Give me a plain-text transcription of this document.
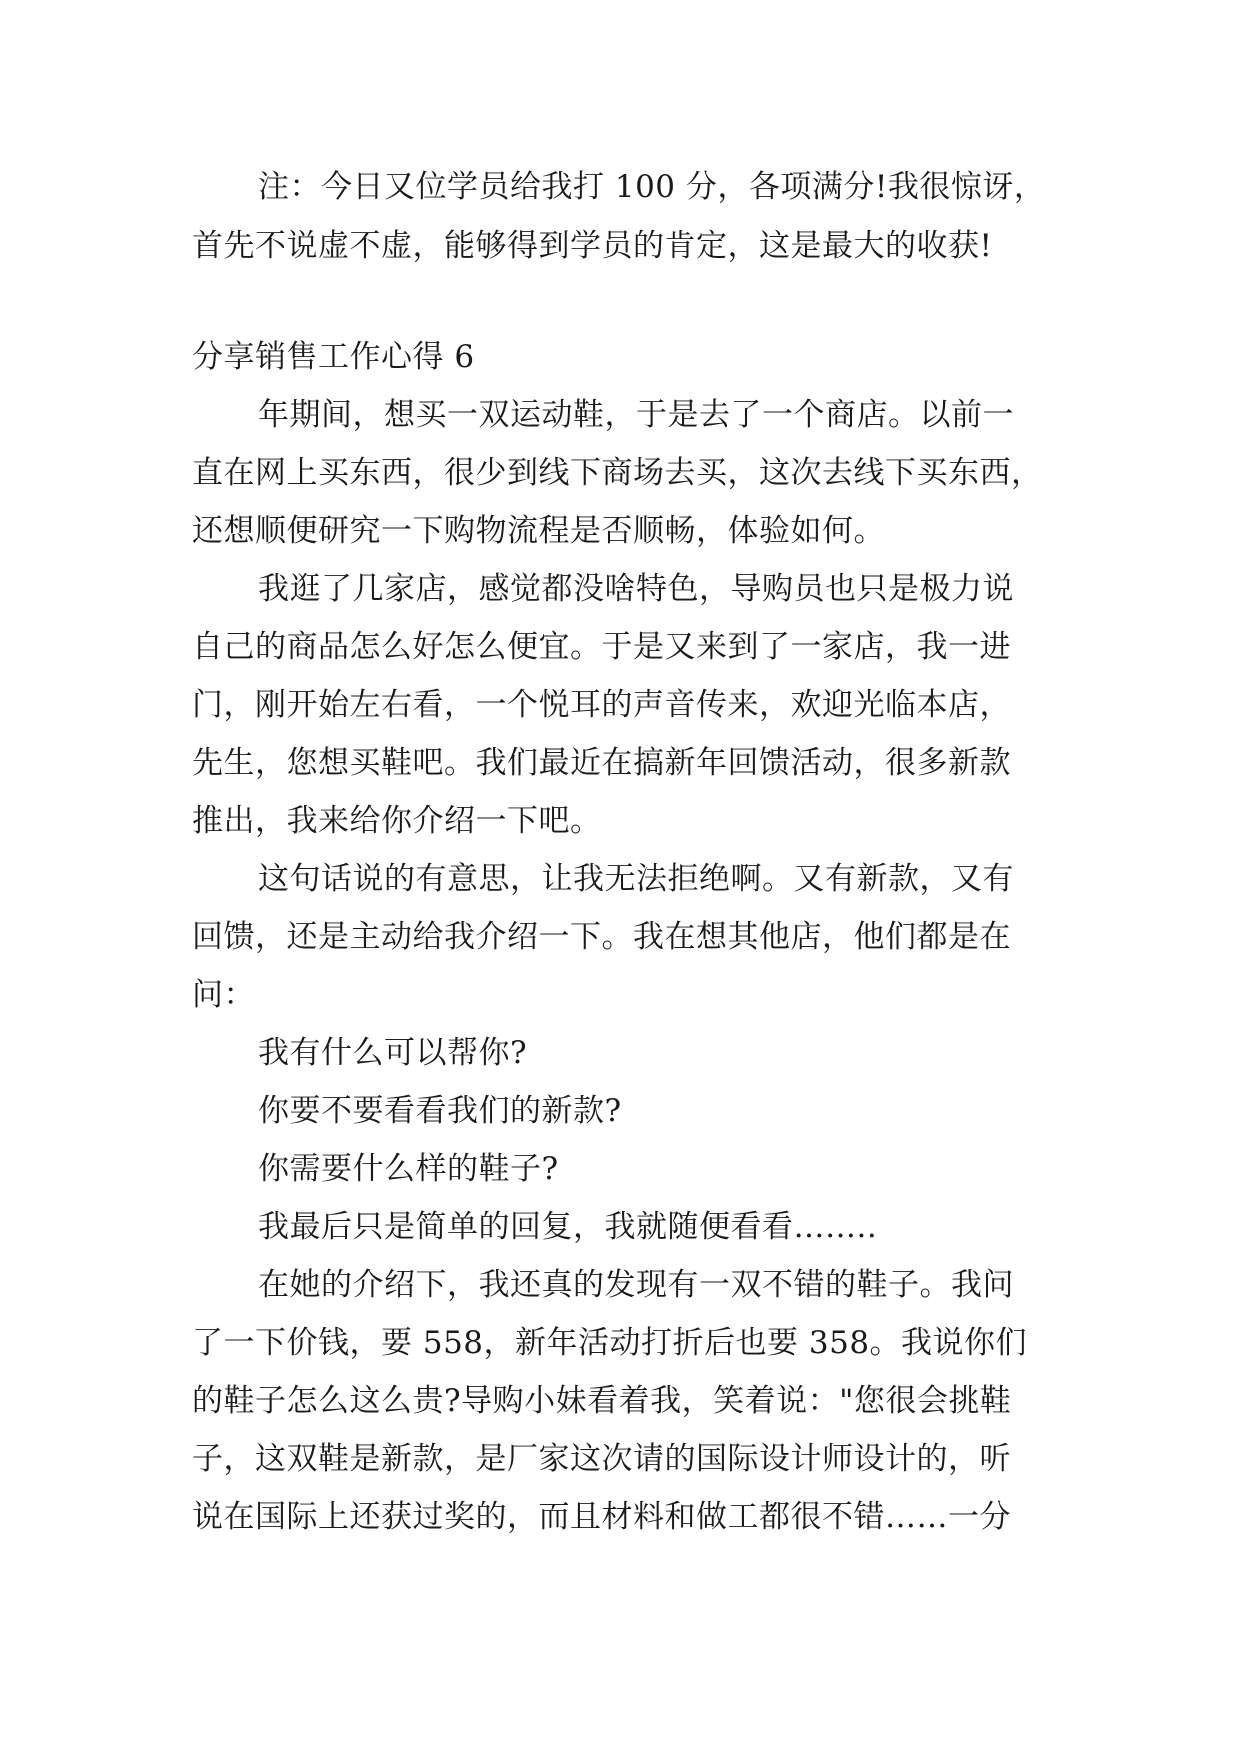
注：今日又位学员给我打 100 分，各项满分!我很惊讶，

首先不说虚不虚，能够得到学员的肯定，这是最大的收获!

分享销售工作心得 6

年期间，想买一双运动鞋，于是去了一个商店。以前一

直在网上买东西，很少到线下商场去买，这次去线下买东西，

还想顺便研究一下购物流程是否顺畅，体验如何。

我逛了几家店，感觉都没啥特色，导购员也只是极力说

自己的商品怎么好怎么便宜。于是又来到了一家店，我一进

门，刚开始左右看，一个悦耳的声音传来，欢迎光临本店，

先生，您想买鞋吧。我们最近在搞新年回馈活动，很多新款

推出，我来给你介绍一下吧。

这句话说的有意思，让我无法拒绝啊。又有新款，又有

回馈，还是主动给我介绍一下。我在想其他店，他们都是在

问：

我有什么可以帮你?

你要不要看看我们的新款?

你需要什么样的鞋子?

我最后只是简单的回复，我就随便看看……..

在她的介绍下，我还真的发现有一双不错的鞋子。我问

了一下价钱，要 558，新年活动打折后也要 358。我说你们

的鞋子怎么这么贵?导购小妹看着我，笑着说："您很会挑鞋

子，这双鞋是新款，是厂家这次请的国际设计师设计的，听

说在国际上还获过奖的，而且材料和做工都很不错……一分
